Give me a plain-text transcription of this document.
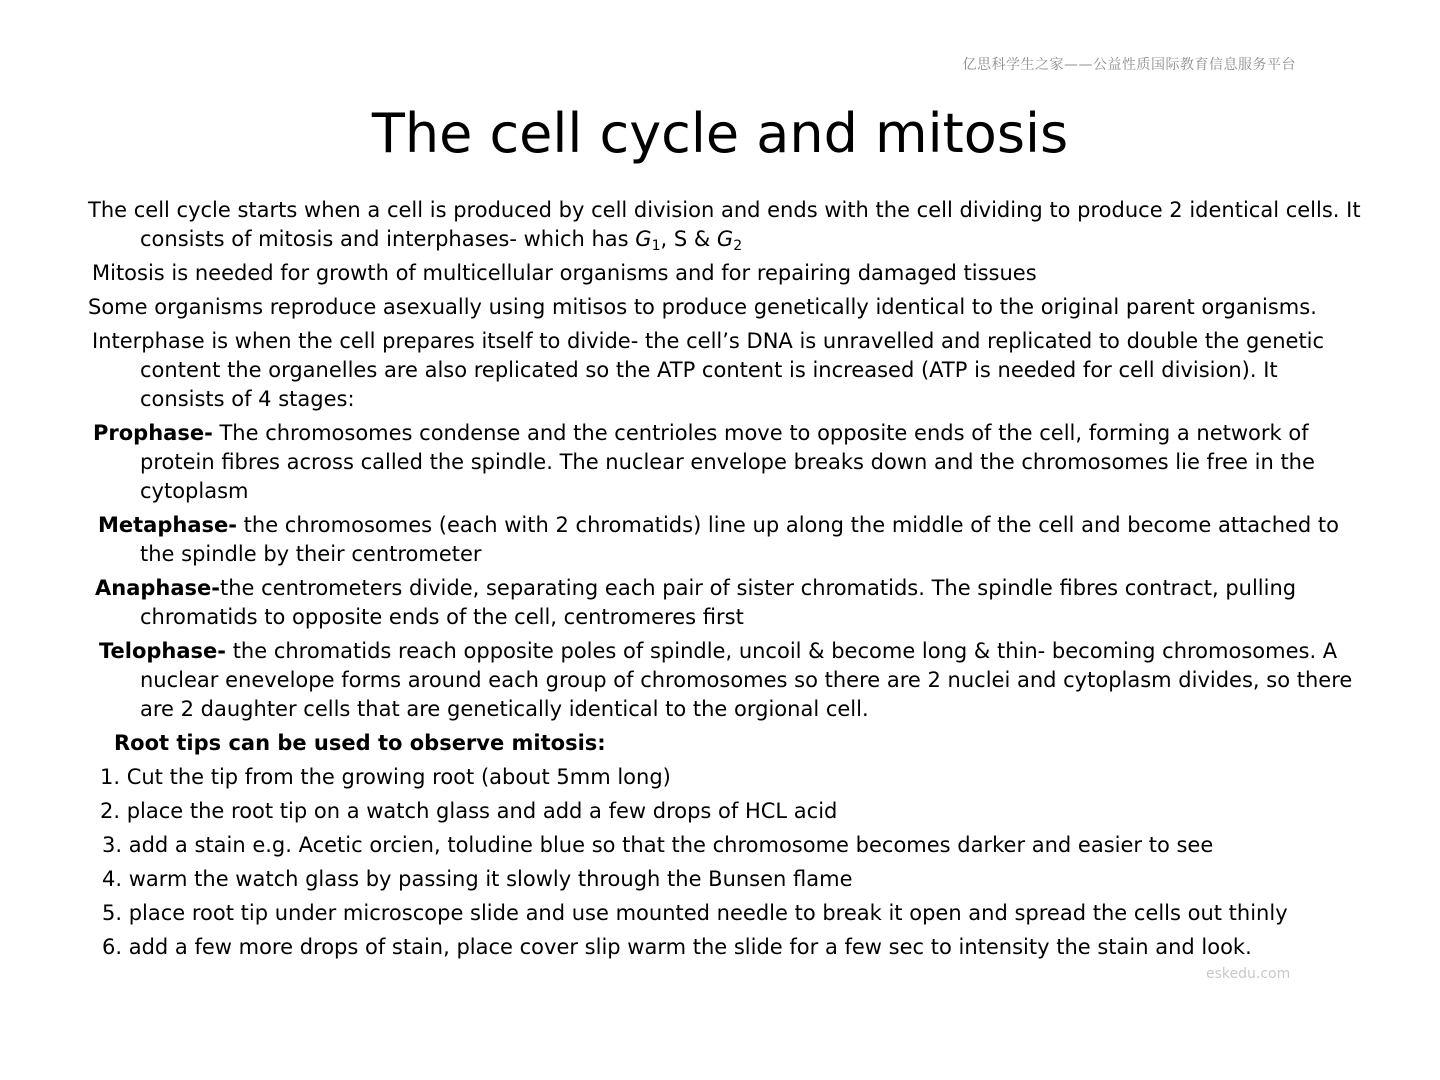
亿思科学生之家——公益性质国际教育信息服务平台
The cell cycle and mitosis

The cell cycle starts when a cell is produced by cell division and ends with the cell dividing to produce 2 identical cells. It consists of mitosis and interphases- which has $G_1$, S & $G_2$

Mitosis is needed for growth of multicellular organisms and for repairing damaged tissues

Some organisms reproduce asexually using mitisos to produce genetically identical to the original parent organisms.

Interphase is when the cell prepares itself to divide- the cell’s DNA is unravelled and replicated to double the genetic content the organelles are also replicated so the ATP content is increased (ATP is needed for cell division). It consists of 4 stages:

Prophase- The chromosomes condense and the centrioles move to opposite ends of the cell, forming a network of protein fibres across called the spindle. The nuclear envelope breaks down and the chromosomes lie free in the cytoplasm

Metaphase- the chromosomes (each with 2 chromatids) line up along the middle of the cell and become attached to the spindle by their centrometer

Anaphase-the centrometers divide, separating each pair of sister chromatids. The spindle fibres contract, pulling chromatids to opposite ends of the cell, centromeres first

Telophase- the chromatids reach opposite poles of spindle, uncoil & become long & thin- becoming chromosomes. A nuclear enevelope forms around each group of chromosomes so there are 2 nuclei and cytoplasm divides, so there are 2 daughter cells that are genetically identical to the orgional cell.

Root tips can be used to observe mitosis:

1. Cut the tip from the growing root (about 5mm long)

2. place the root tip on a watch glass and add a few drops of HCL acid

3. add a stain e.g. Acetic orcien, toludine blue so that the chromosome becomes darker and easier to see

4. warm the watch glass by passing it slowly through the Bunsen flame

5. place root tip under microscope slide and use mounted needle to break it open and spread the cells out thinly

6. add a few more drops of stain, place cover slip warm the slide for a few sec to intensity the stain and look.

eskedu.com
